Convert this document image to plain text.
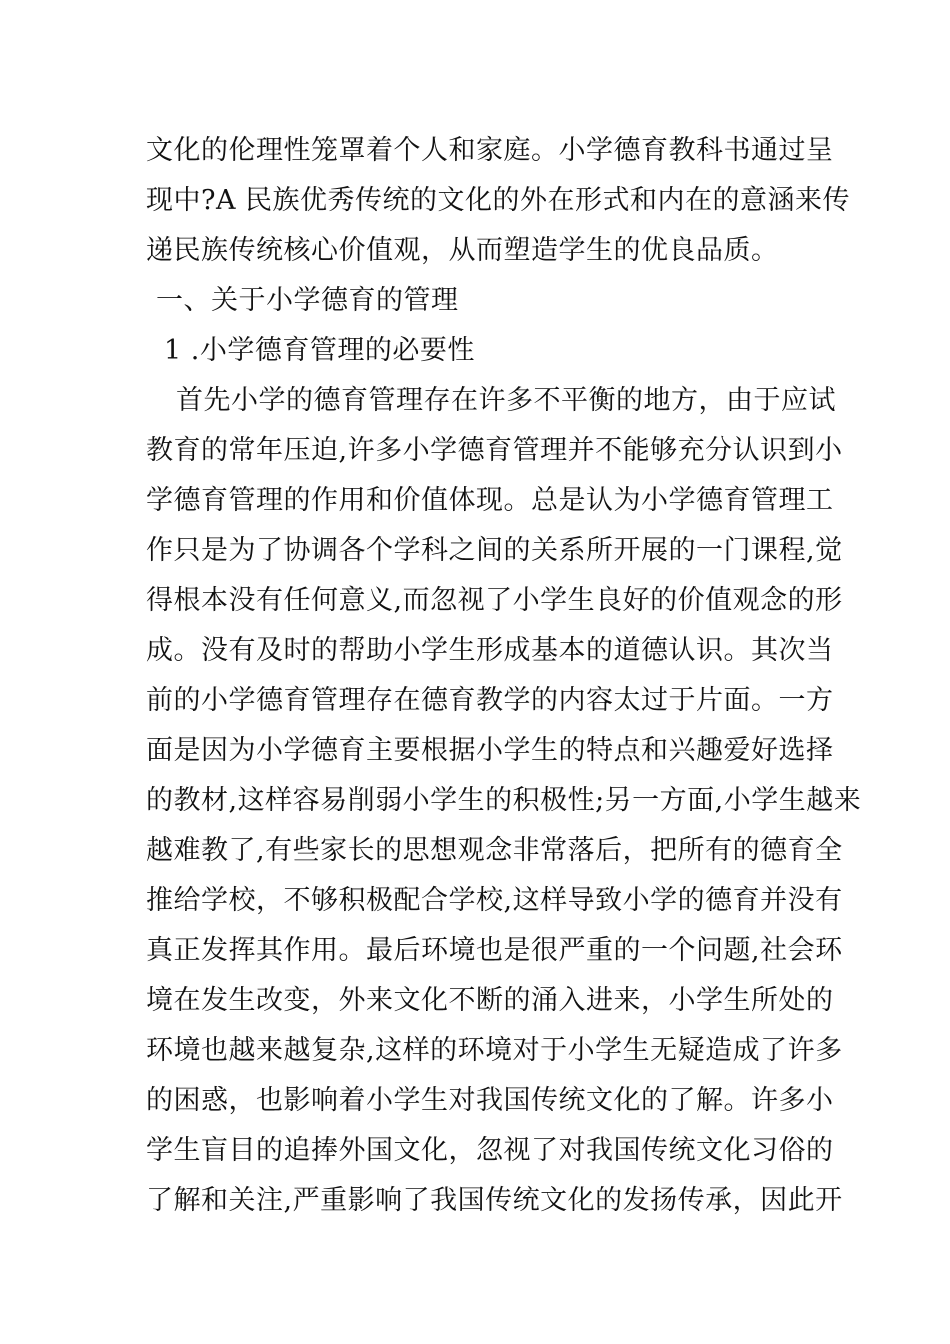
文化的伦理性笼罩着个人和家庭。小学德育教科书通过呈
现中?A 民族优秀传统的文化的外在形式和内在的意涵来传
递民族传统核心价值观，从而塑造学生的优良品质。
一、关于小学德育的管理
1 .小学德育管理的必要性
首先小学的德育管理存在许多不平衡的地方，由于应试
教育的常年压迫,许多小学德育管理并不能够充分认识到小
学德育管理的作用和价值体现。总是认为小学德育管理工
作只是为了协调各个学科之间的关系所开展的一门课程,觉
得根本没有任何意义,而忽视了小学生良好的价值观念的形
成。没有及时的帮助小学生形成基本的道德认识。其次当
前的小学德育管理存在德育教学的内容太过于片面。一方
面是因为小学德育主要根据小学生的特点和兴趣爱好选择
的教材,这样容易削弱小学生的积极性;另一方面,小学生越来
越难教了,有些家长的思想观念非常落后，把所有的德育全
推给学校，不够积极配合学校,这样导致小学的德育并没有
真正发挥其作用。最后环境也是很严重的一个问题,社会环
境在发生改变，外来文化不断的涌入进来，小学生所处的
环境也越来越复杂,这样的环境对于小学生无疑造成了许多
的困惑，也影响着小学生对我国传统文化的了解。许多小
学生盲目的追捧外国文化，忽视了对我国传统文化习俗的
了解和关注,严重影响了我国传统文化的发扬传承，因此开
